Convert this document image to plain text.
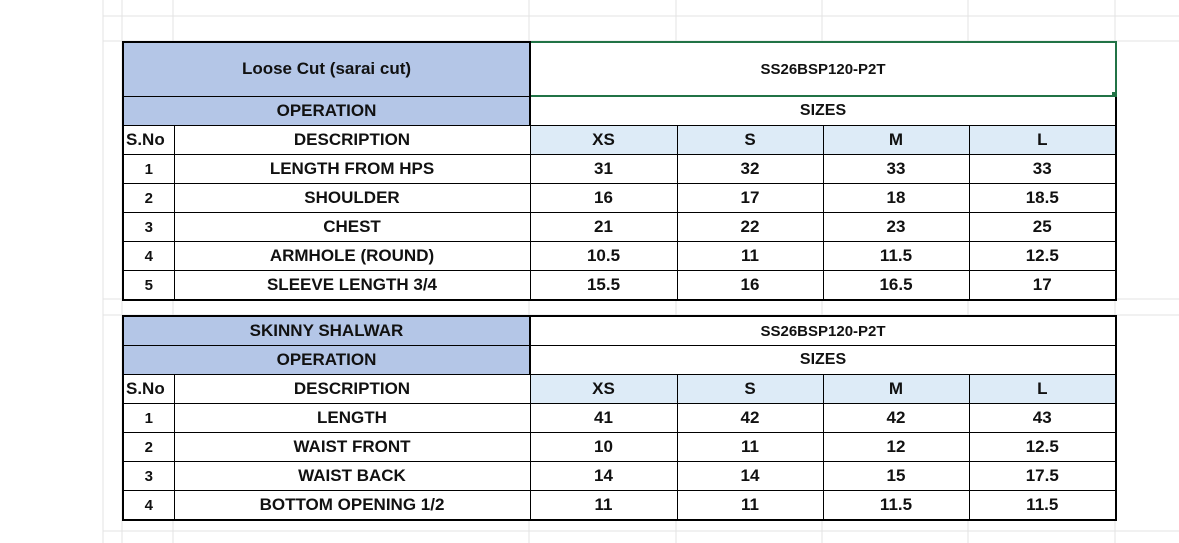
Loose Cut (sarai cut)		SS26BSP120-P2T			

OPERATION		SIZES			
S.No	DESCRIPTION	XS	S	M	L
1	LENGTH FROM HPS	31	32	33	33
2	SHOULDER	16	17	18	18.5
3	CHEST	21	22	23	25
4	ARMHOLE (ROUND)	10.5	11	11.5	12.5
5	SLEEVE LENGTH 3/4	15.5	16	16.5	17
SKINNY SHALWAR		SS26BSP120-P2T			
OPERATION		SIZES			
S.No	DESCRIPTION	XS	S	M	L
1	LENGTH	41	42	42	43
2	WAIST FRONT	10	11	12	12.5
3	WAIST BACK	14	14	15	17.5
4	BOTTOM OPENING 1/2	11	11	11.5	11.5
